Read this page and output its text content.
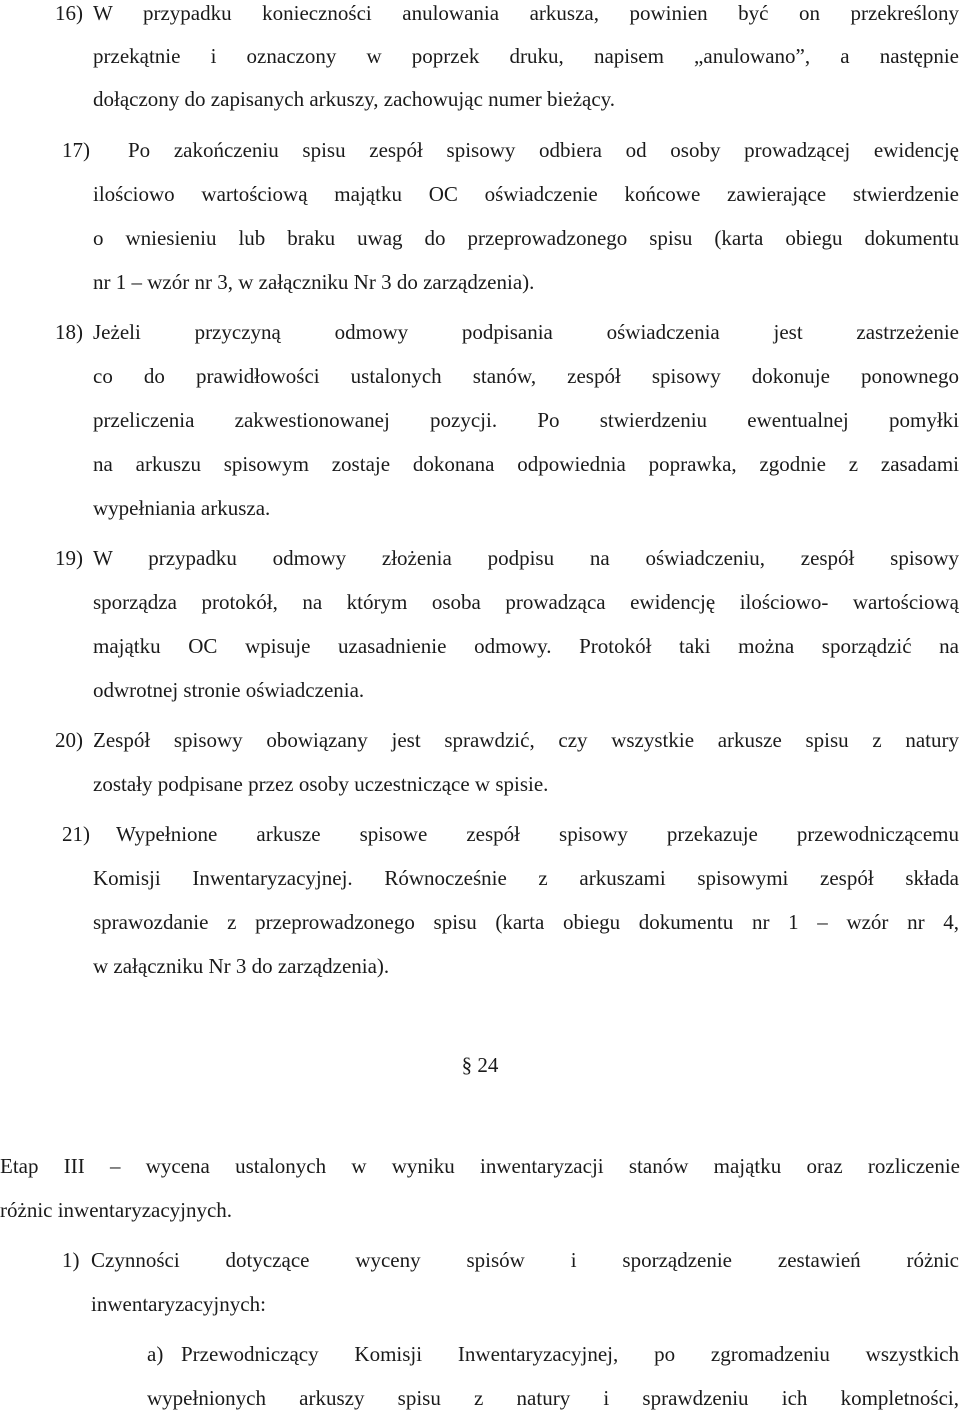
16) W przypadku konieczności anulowania arkusza, powinien być on przekreślony
przekątnie i oznaczony w poprzek druku, napisem „anulowano”, a następnie
dołączony do zapisanych arkuszy, zachowując numer bieżący.
17) Po zakończeniu spisu zespół spisowy odbiera od osoby prowadzącej ewidencję
ilościowo wartościową majątku OC oświadczenie końcowe zawierające stwierdzenie
o wniesieniu lub braku uwag do przeprowadzonego spisu (karta obiegu dokumentu
nr 1 – wzór nr 3, w załączniku Nr 3 do zarządzenia).
18) Jeżeli przyczyną odmowy podpisania oświadczenia jest zastrzeżenie
co do prawidłowości ustalonych stanów, zespół spisowy dokonuje ponownego
przeliczenia zakwestionowanej pozycji. Po stwierdzeniu ewentualnej pomyłki
na arkuszu spisowym zostaje dokonana odpowiednia poprawka, zgodnie z zasadami
wypełniania arkusza.
19) W przypadku odmowy złożenia podpisu na oświadczeniu, zespół spisowy
sporządza protokół, na którym osoba prowadząca ewidencję ilościowo- wartościową
majątku OC wpisuje uzasadnienie odmowy. Protokół taki można sporządzić na
odwrotnej stronie oświadczenia.
20) Zespół spisowy obowiązany jest sprawdzić, czy wszystkie arkusze spisu z natury
zostały podpisane przez osoby uczestniczące w spisie.
21) Wypełnione arkusze spisowe zespół spisowy przekazuje przewodniczącemu
Komisji Inwentaryzacyjnej. Równocześnie z arkuszami spisowymi zespół składa
sprawozdanie z przeprowadzonego spisu (karta obiegu dokumentu nr 1 – wzór nr 4,
w załączniku Nr 3 do zarządzenia).
§ 24
Etap III – wycena ustalonych w wyniku inwentaryzacji stanów majątku oraz rozliczenie
różnic inwentaryzacyjnych.
1) Czynności dotyczące wyceny spisów i sporządzenie zestawień różnic
inwentaryzacyjnych:
a) Przewodniczący Komisji Inwentaryzacyjnej, po zgromadzeniu wszystkich
wypełnionych arkuszy spisu z natury i sprawdzeniu ich kompletności,
